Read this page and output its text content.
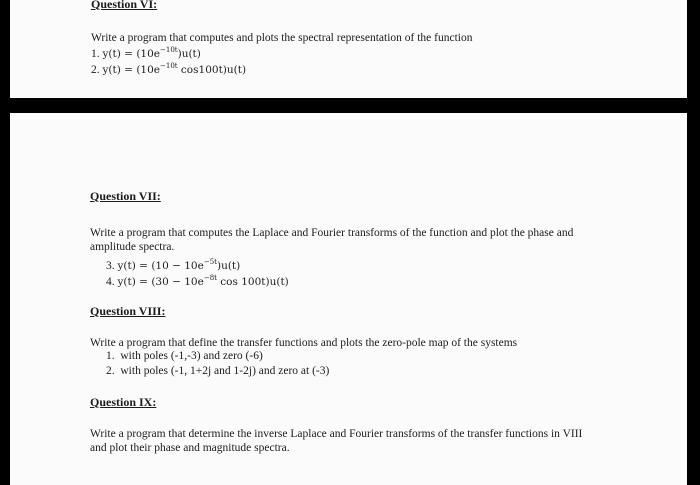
Question VI:
Write a program that computes and plots the spectral representation of the function
1. $y(t) = (10e^{-10t})u(t)$
2. $y(t) = (10e^{-10t}$ cos100t)u(t)
Question VII:
Write a program that computes the Laplace and Fourier transforms of the function and plot the phase and amplitude spectra.
3. $y(t) = (10 - 10e^{-5t})u(t)$
4. $y(t) = (30 - 10e^{-8t}$ cos 100t)u(t)
Question VIII:
Write a program that define the transfer functions and plots the zero-pole map of the systems
1. with poles (-1,-3) and zero (-6)
2. with poles (-1, 1+2j and 1-2j) and zero at (-3)
Question IX:
Write a program that determine the inverse Laplace and Fourier transforms of the transfer functions in VIII and plot their phase and magnitude spectra.
